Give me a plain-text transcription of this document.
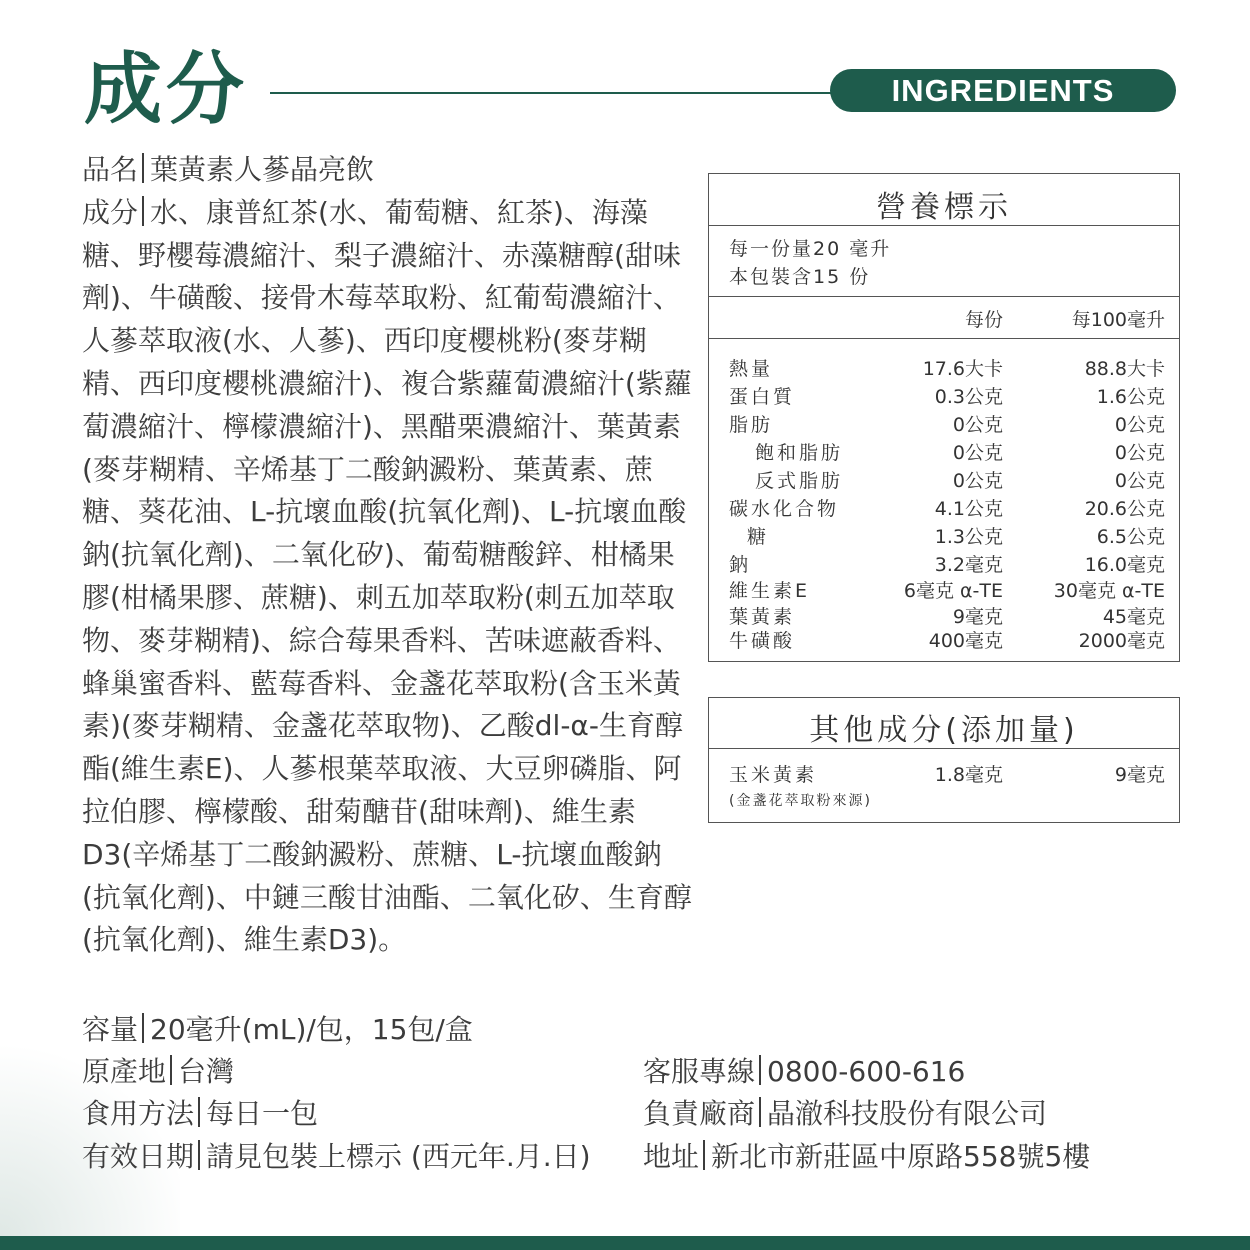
成分	INGREDIENTS

品名 葉黃素人蔘晶亮飲

成分 水、康普紅茶(水、葡萄糖、紅茶)、海藻糖、野櫻莓濃縮汁、梨子濃縮汁、赤藻糖醇(甜味劑)、牛磺酸、接骨木莓萃取粉、紅葡萄濃縮汁、人蔘萃取液(水、人蔘)、西印度櫻桃粉(麥芽糊精、西印度櫻桃濃縮汁)、複合紫蘿蔔濃縮汁(紫蘿蔔濃縮汁、檸檬濃縮汁)、黑醋栗濃縮汁、葉黃素(麥芽糊精、辛烯基丁二酸鈉澱粉、葉黃素、蔗糖、葵花油、L-抗壞血酸(抗氧化劑)、L-抗壞血酸鈉(抗氧化劑)、二氧化矽)、葡萄糖酸鋅、柑橘果膠(柑橘果膠、蔗糖)、刺五加萃取粉(刺五加萃取物、麥芽糊精)、綜合莓果香料、苦味遮蔽香料、蜂巢蜜香料、藍莓香料、金盞花萃取粉(含玉米黃素)(麥芽糊精、金盞花萃取物)、乙酸dl-α-生育醇酯(維生素E)、人蔘根葉萃取液、大豆卵磷脂、阿拉伯膠、檸檬酸、甜菊醣苷(甜味劑)、維生素D3(辛烯基丁二酸鈉澱粉、蔗糖、L-抗壞血酸鈉(抗氧化劑)、中鏈三酸甘油酯、二氧化矽、生育醇(抗氧化劑)、維生素D3)。

容量 20毫升(mL)/包，15包/盒
原產地 台灣
食用方法 每日一包
有效日期 請見包裝上標示 (西元年.月.日)
客服專線 0800-600-616
負責廠商 晶澈科技股份有限公司
地址 新北市新莊區中原路558號5樓
營養標示
每一份量20 毫升
本包裝含15 份
每份	每100毫升
熱量	17.6大卡	88.8大卡
蛋白質	0.3公克	1.6公克
脂肪	0公克	0公克
飽和脂肪	0公克	0公克
反式脂肪	0公克	0公克
碳水化合物	4.1公克	20.6公克
糖	1.3公克	6.5公克
鈉	3.2毫克	16.0毫克
維生素E	6毫克 α-TE	30毫克 α-TE
葉黃素	9毫克	45毫克
牛磺酸	400毫克	2000毫克
其他成分(添加量)
玉米黃素	1.8毫克	9毫克
(金盞花萃取粉來源)
